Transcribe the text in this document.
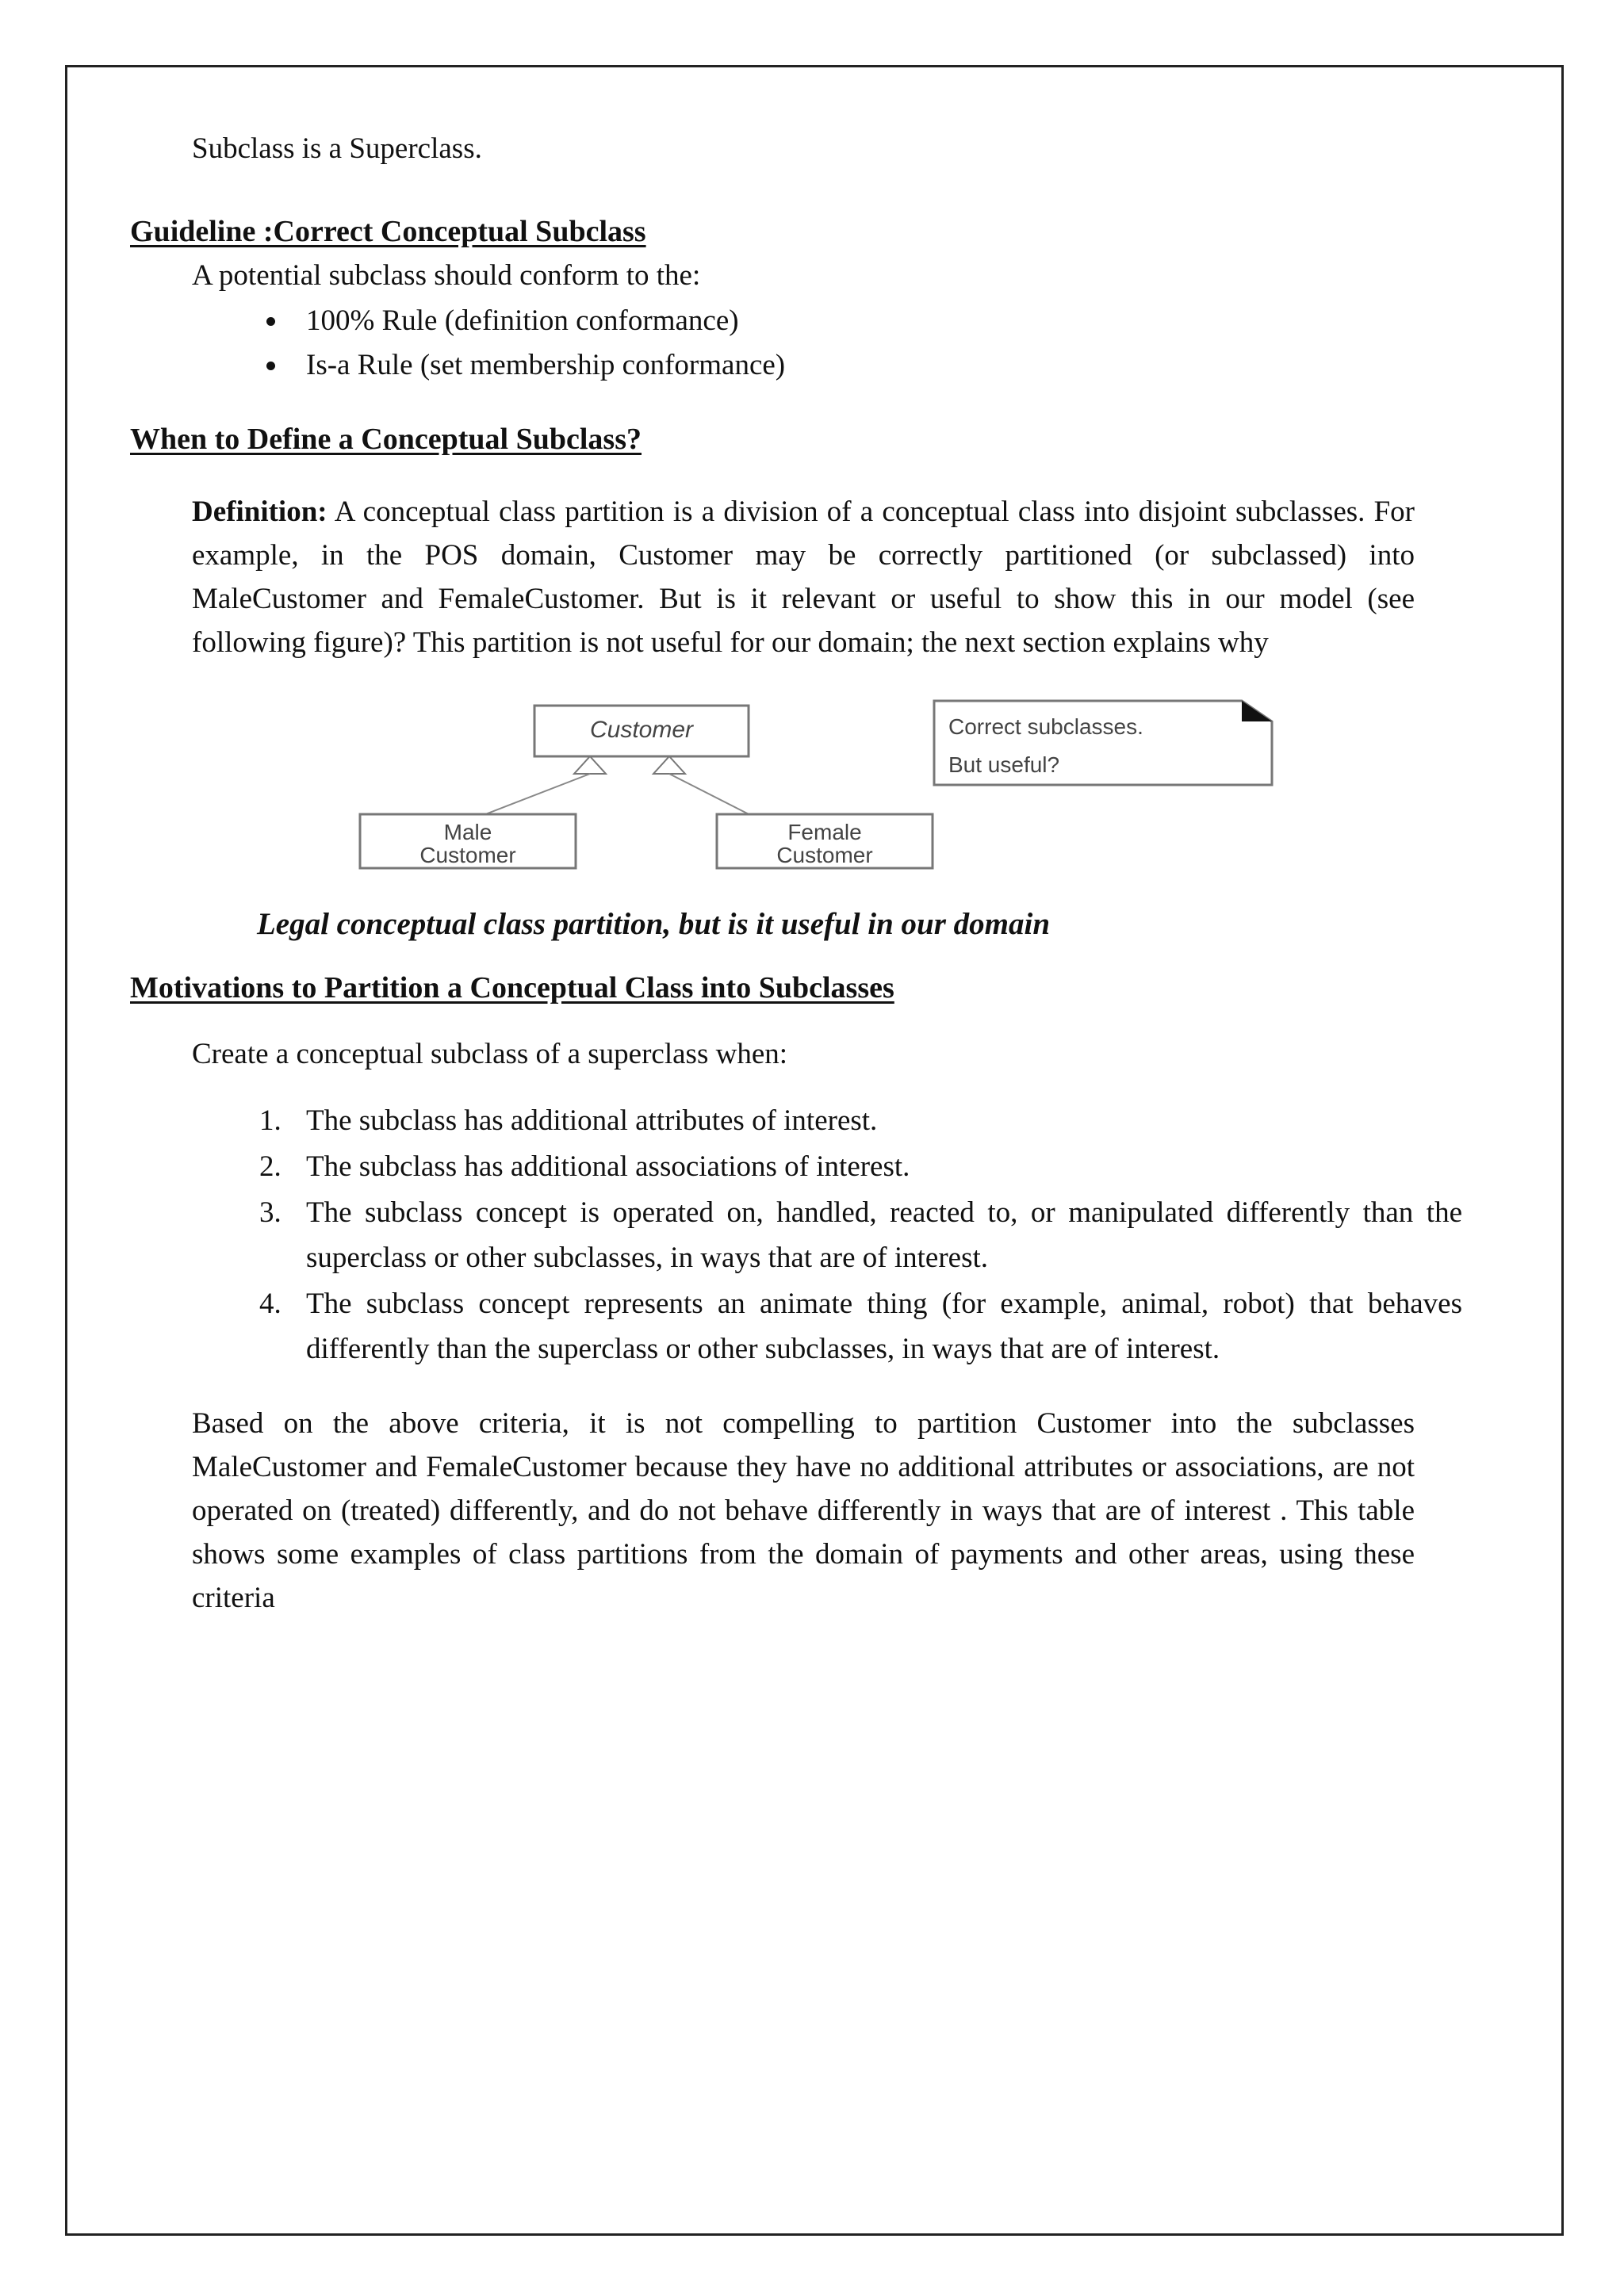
Subclass is a Superclass.
Guideline :Correct Conceptual Subclass
A potential subclass should conform to the:
• 100% Rule (definition conformance)
• Is-a Rule (set membership conformance)
When to Define a Conceptual Subclass?
Definition: A conceptual class partition is a division of a conceptual class into disjoint subclasses. For example, in the POS domain, Customer may be correctly partitioned (or subclassed) into MaleCustomer and FemaleCustomer. But is it relevant or useful to show this in our model (see following figure)? This partition is not useful for our domain; the next section explains why
Customer
Male
Customer
Female
Customer
Correct subclasses.
But useful?
Legal conceptual class partition, but is it useful in our domain
Motivations to Partition a Conceptual Class into Subclasses
Create a conceptual subclass of a superclass when:
1. The subclass has additional attributes of interest.
2. The subclass has additional associations of interest.
3. The subclass concept is operated on, handled, reacted to, or manipulated differently than the superclass or other subclasses, in ways that are of interest.
4. The subclass concept represents an animate thing (for example, animal, robot) that behaves differently than the superclass or other subclasses, in ways that are of interest.
Based on the above criteria, it is not compelling to partition Customer into the subclasses MaleCustomer and FemaleCustomer because they have no additional attributes or associations, are not operated on (treated) differently, and do not behave differently in ways that are of interest . This table shows some examples of class partitions from the domain of payments and other areas, using these criteria
